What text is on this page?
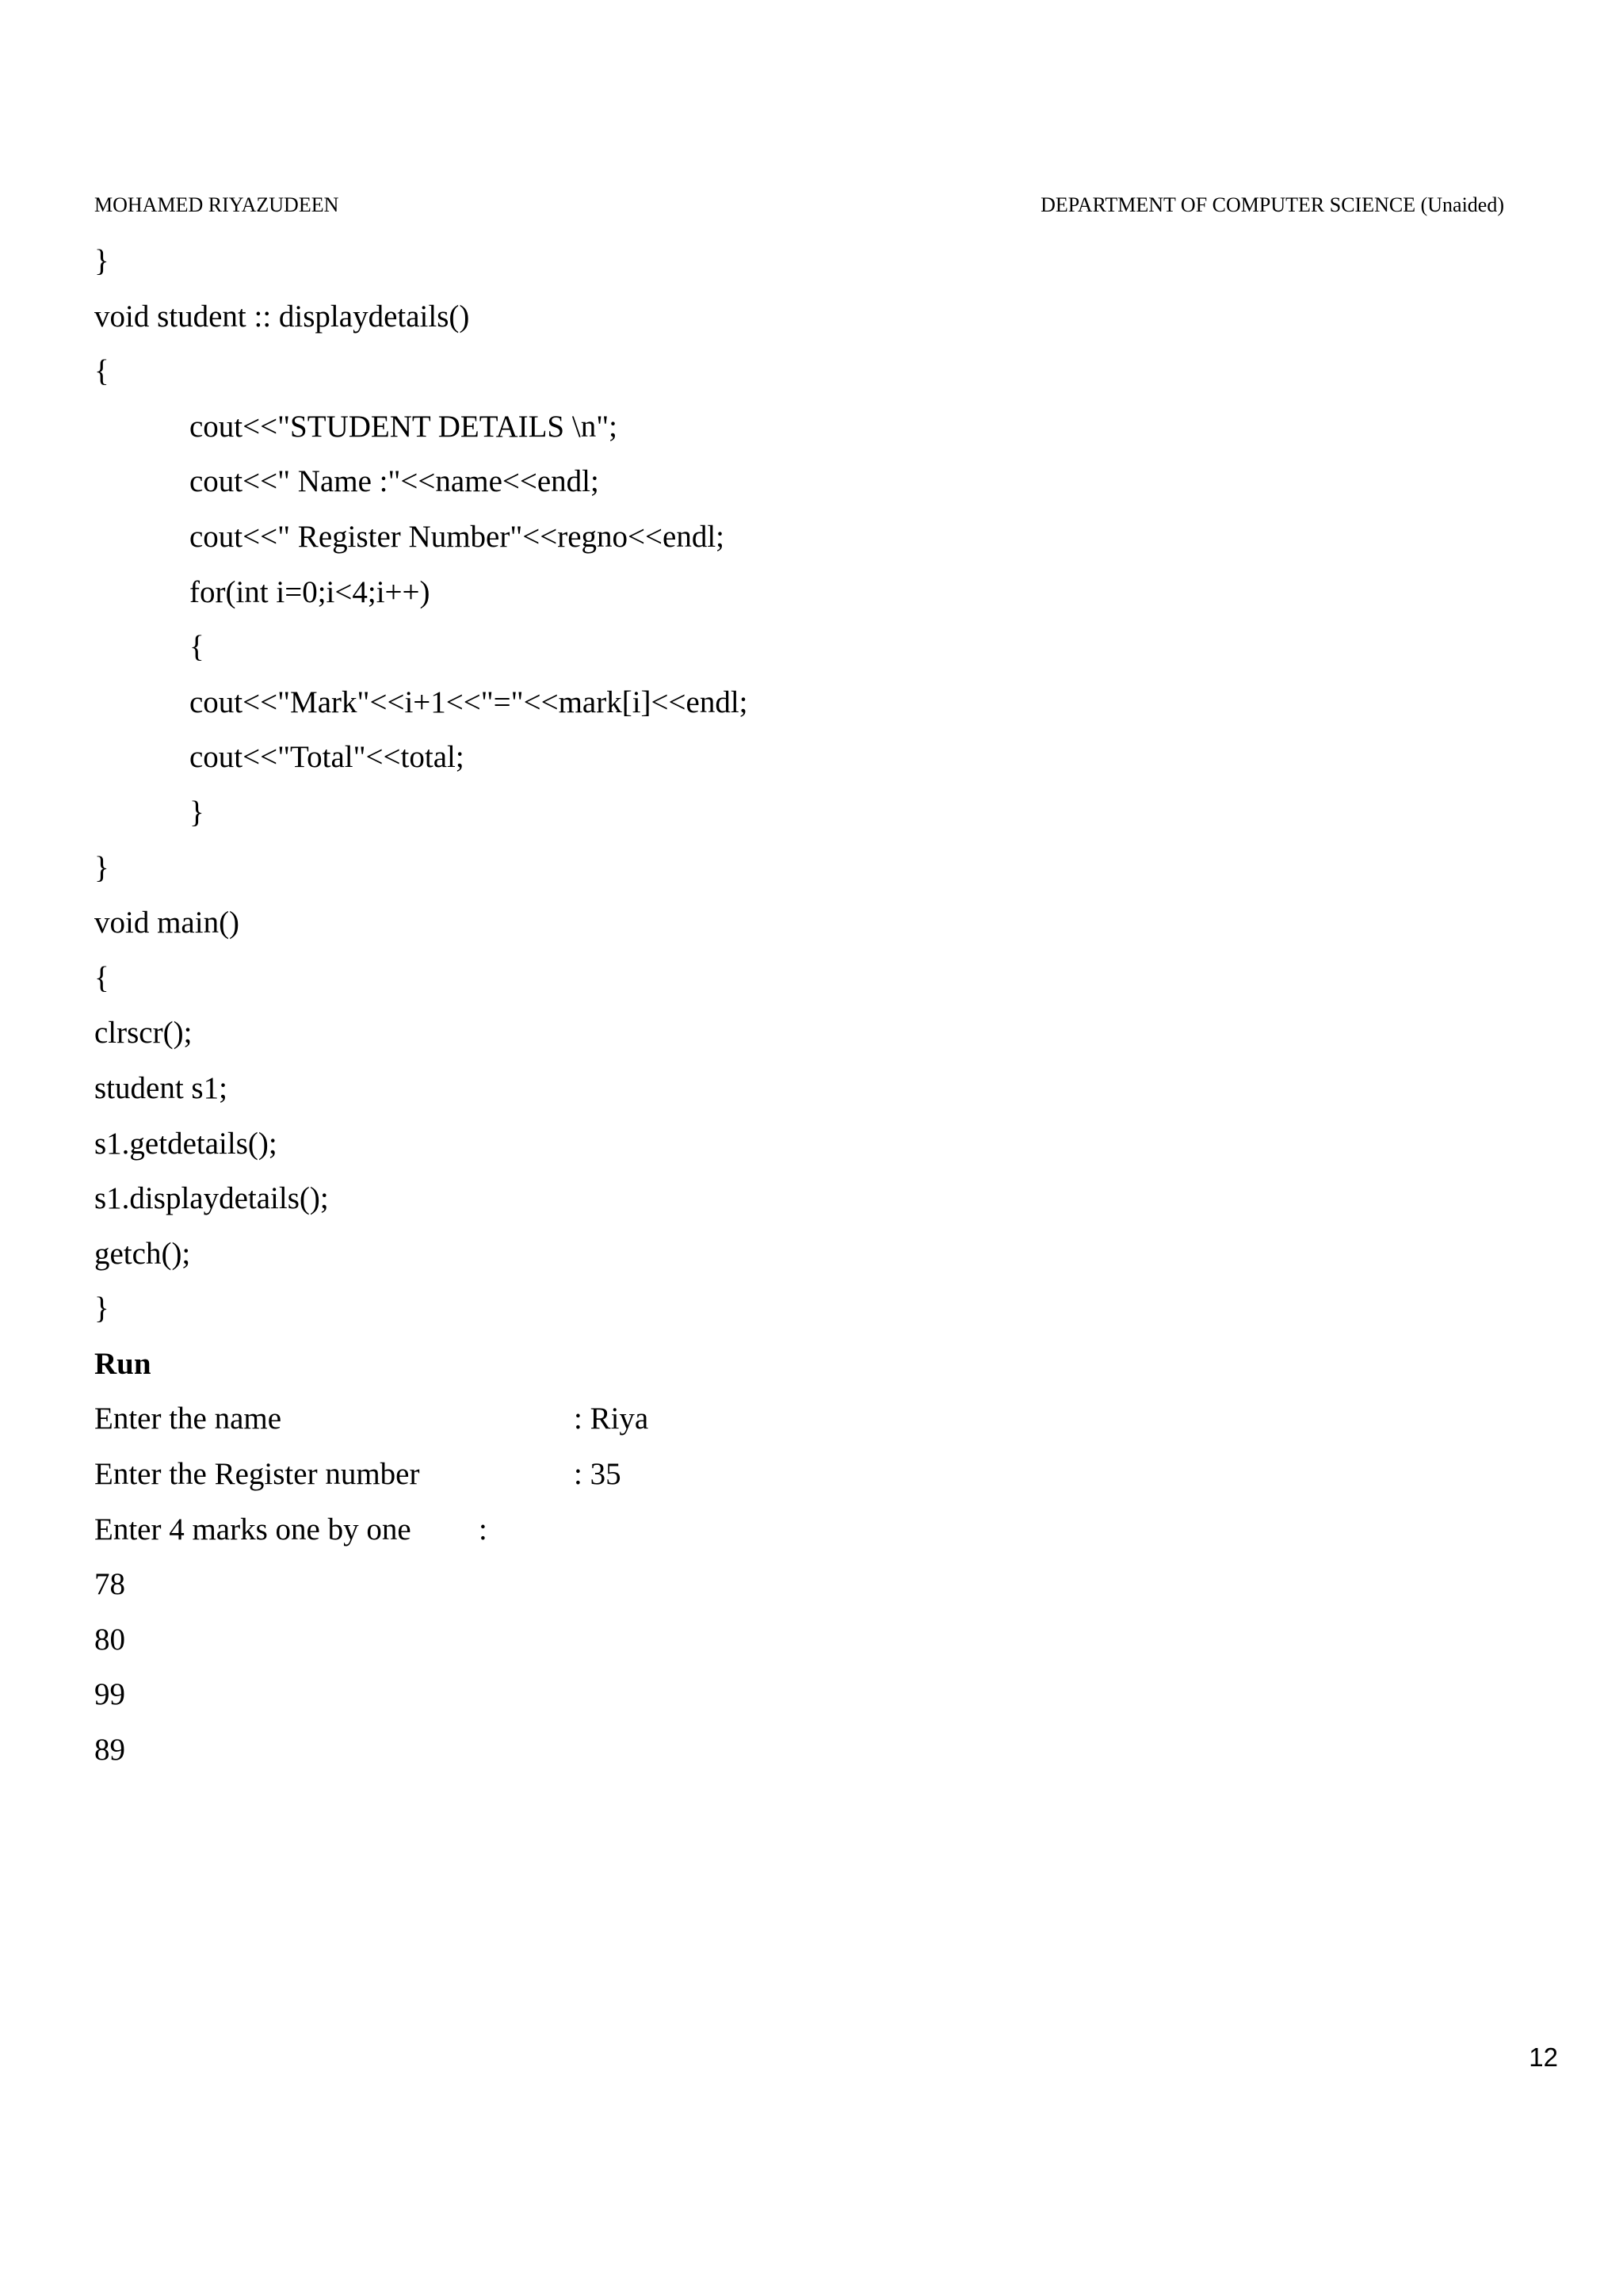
MOHAMED RIYAZUDEEN	DEPARTMENT OF COMPUTER SCIENCE (Unaided)
}
void student :: displaydetails()
{
cout<<"STUDENT DETAILS \n";
cout<<" Name :"<<name<<endl;
cout<<" Register Number"<<regno<<endl;
for(int i=0;i<4;i++)
{
cout<<"Mark"<<i+1<<"="<<mark[i]<<endl;
cout<<"Total"<<total;
}
}
void main()
{
clrscr();
student s1;
s1.getdetails();
s1.displaydetails();
getch();
}
Run

Enter the name

	: Riya

Enter the Register number

	: 35

Enter 4 marks one by one

:

78
80
99
89
12
